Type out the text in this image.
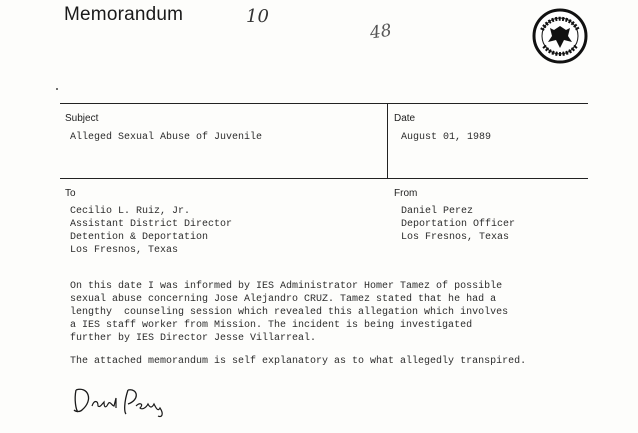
Memorandum	10
48
Subject
Alleged Sexual Abuse of Juvenile
Date
August 01, 1989
To
Cecilio L. Ruiz, Jr.
Assistant District Director
Detention & Deportation
Los Fresnos, Texas
From
Daniel Perez
Deportation Officer
Los Fresnos, Texas
On this date I was informed by IES Administrator Homer Tamez of possible
sexual abuse concerning Jose Alejandro CRUZ. Tamez stated that he had a
lengthy  counseling session which revealed this allegation which involves
a IES staff worker from Mission. The incident is being investigated
further by IES Director Jesse Villarreal.
The attached memorandum is self explanatory as to what allegedly transpired.
